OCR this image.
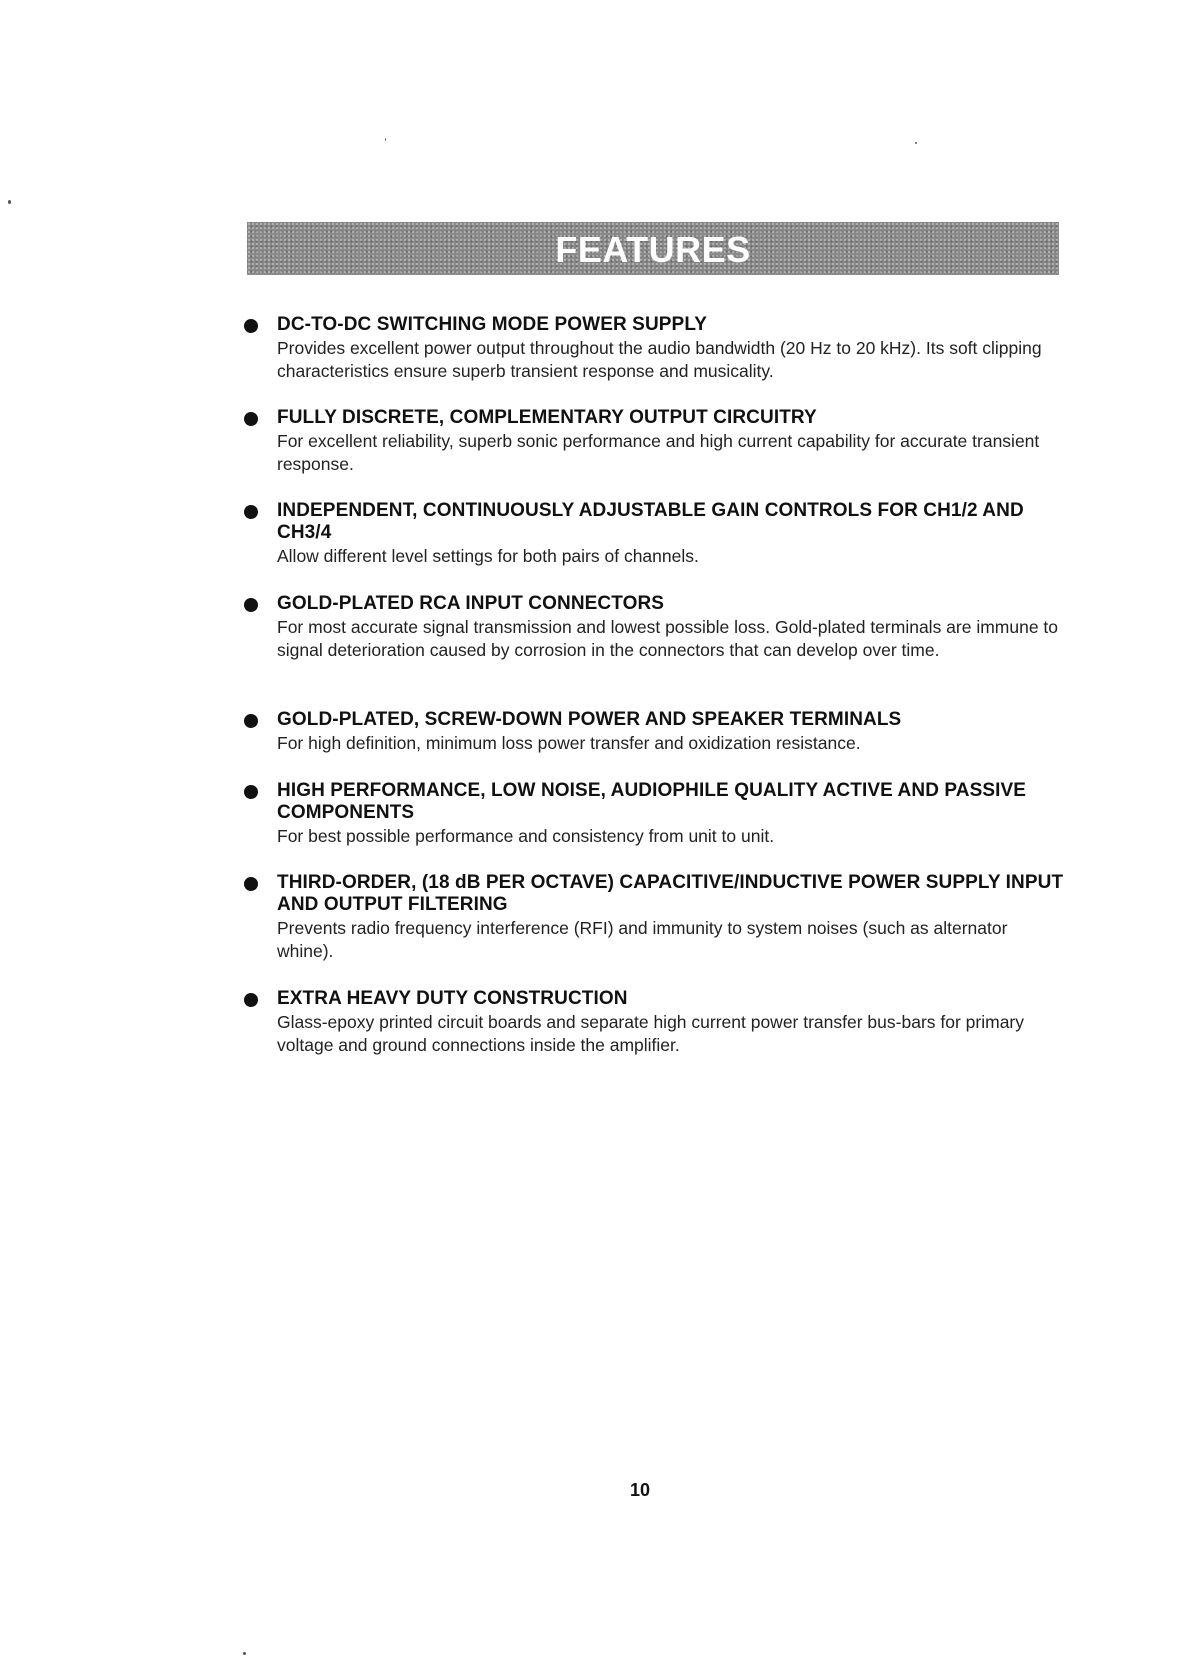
FEATURES
DC-TO-DC SWITCHING MODE POWER SUPPLY
Provides excellent power output throughout the audio bandwidth (20 Hz to 20 kHz). Its soft clipping characteristics ensure superb transient response and musicality.
FULLY DISCRETE, COMPLEMENTARY OUTPUT CIRCUITRY
For excellent reliability, superb sonic performance and high current capability for accurate transient response.
INDEPENDENT, CONTINUOUSLY ADJUSTABLE GAIN CONTROLS FOR CH1/2 AND CH3/4
Allow different level settings for both pairs of channels.
GOLD-PLATED RCA INPUT CONNECTORS
For most accurate signal transmission and lowest possible loss. Gold-plated terminals are immune to signal deterioration caused by corrosion in the connectors that can develop over time.
GOLD-PLATED, SCREW-DOWN POWER AND SPEAKER TERMINALS
For high definition, minimum loss power transfer and oxidization resistance.
HIGH PERFORMANCE, LOW NOISE, AUDIOPHILE QUALITY ACTIVE AND PASSIVE COMPONENTS
For best possible performance and consistency from unit to unit.
THIRD-ORDER, (18 dB PER OCTAVE) CAPACITIVE/INDUCTIVE POWER SUPPLY INPUT AND OUTPUT FILTERING
Prevents radio frequency interference (RFI) and immunity to system noises (such as alternator whine).
EXTRA HEAVY DUTY CONSTRUCTION
Glass-epoxy printed circuit boards and separate high current power transfer bus-bars for primary voltage and ground connections inside the amplifier.
10
